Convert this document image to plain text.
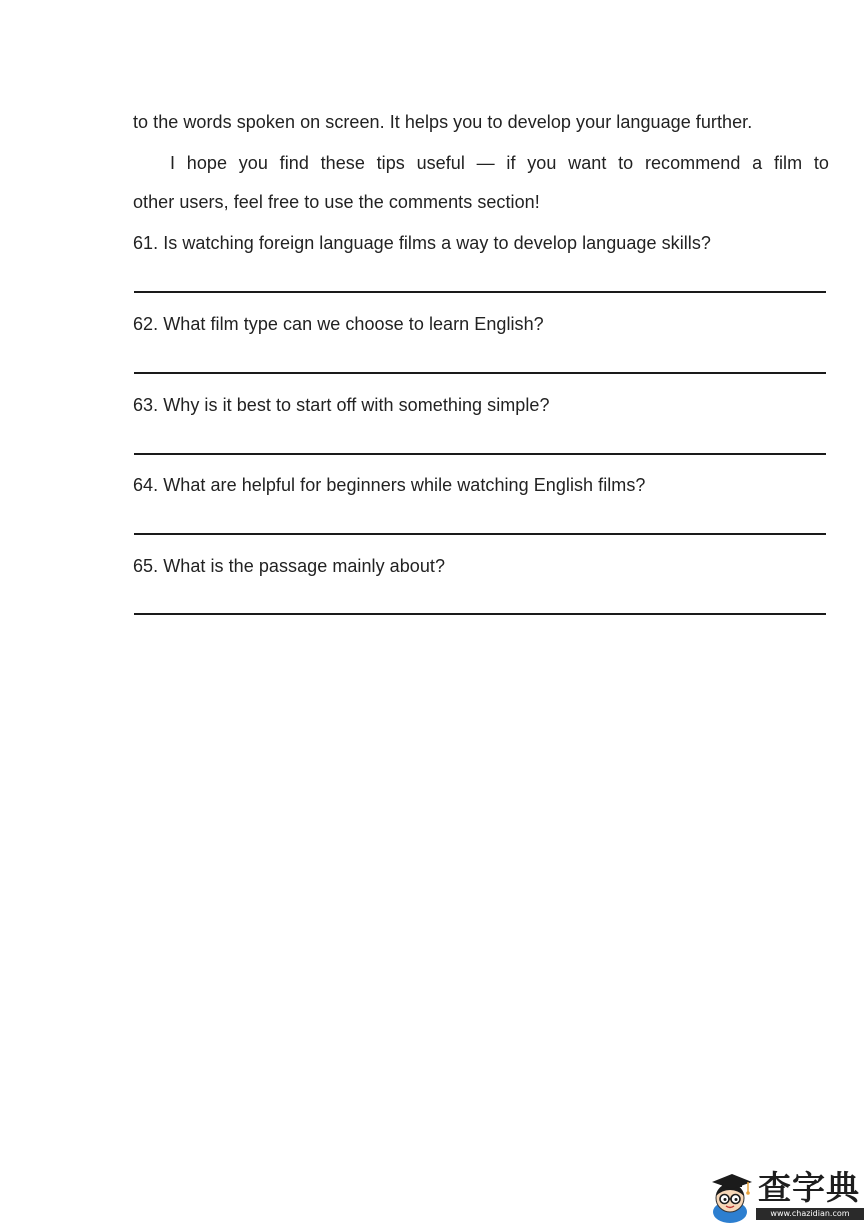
to the words spoken on screen. It helps you to develop your language further.
I hope you find these tips useful — if you want to recommend a film to
other users, feel free to use the comments section!
61. Is watching foreign language films a way to develop language skills?
62. What film type can we choose to learn English?
63. Why is it best to start off with something simple?
64. What are helpful for beginners while watching English films?
65. What is the passage mainly about?
查字典
www.chazidian.com
